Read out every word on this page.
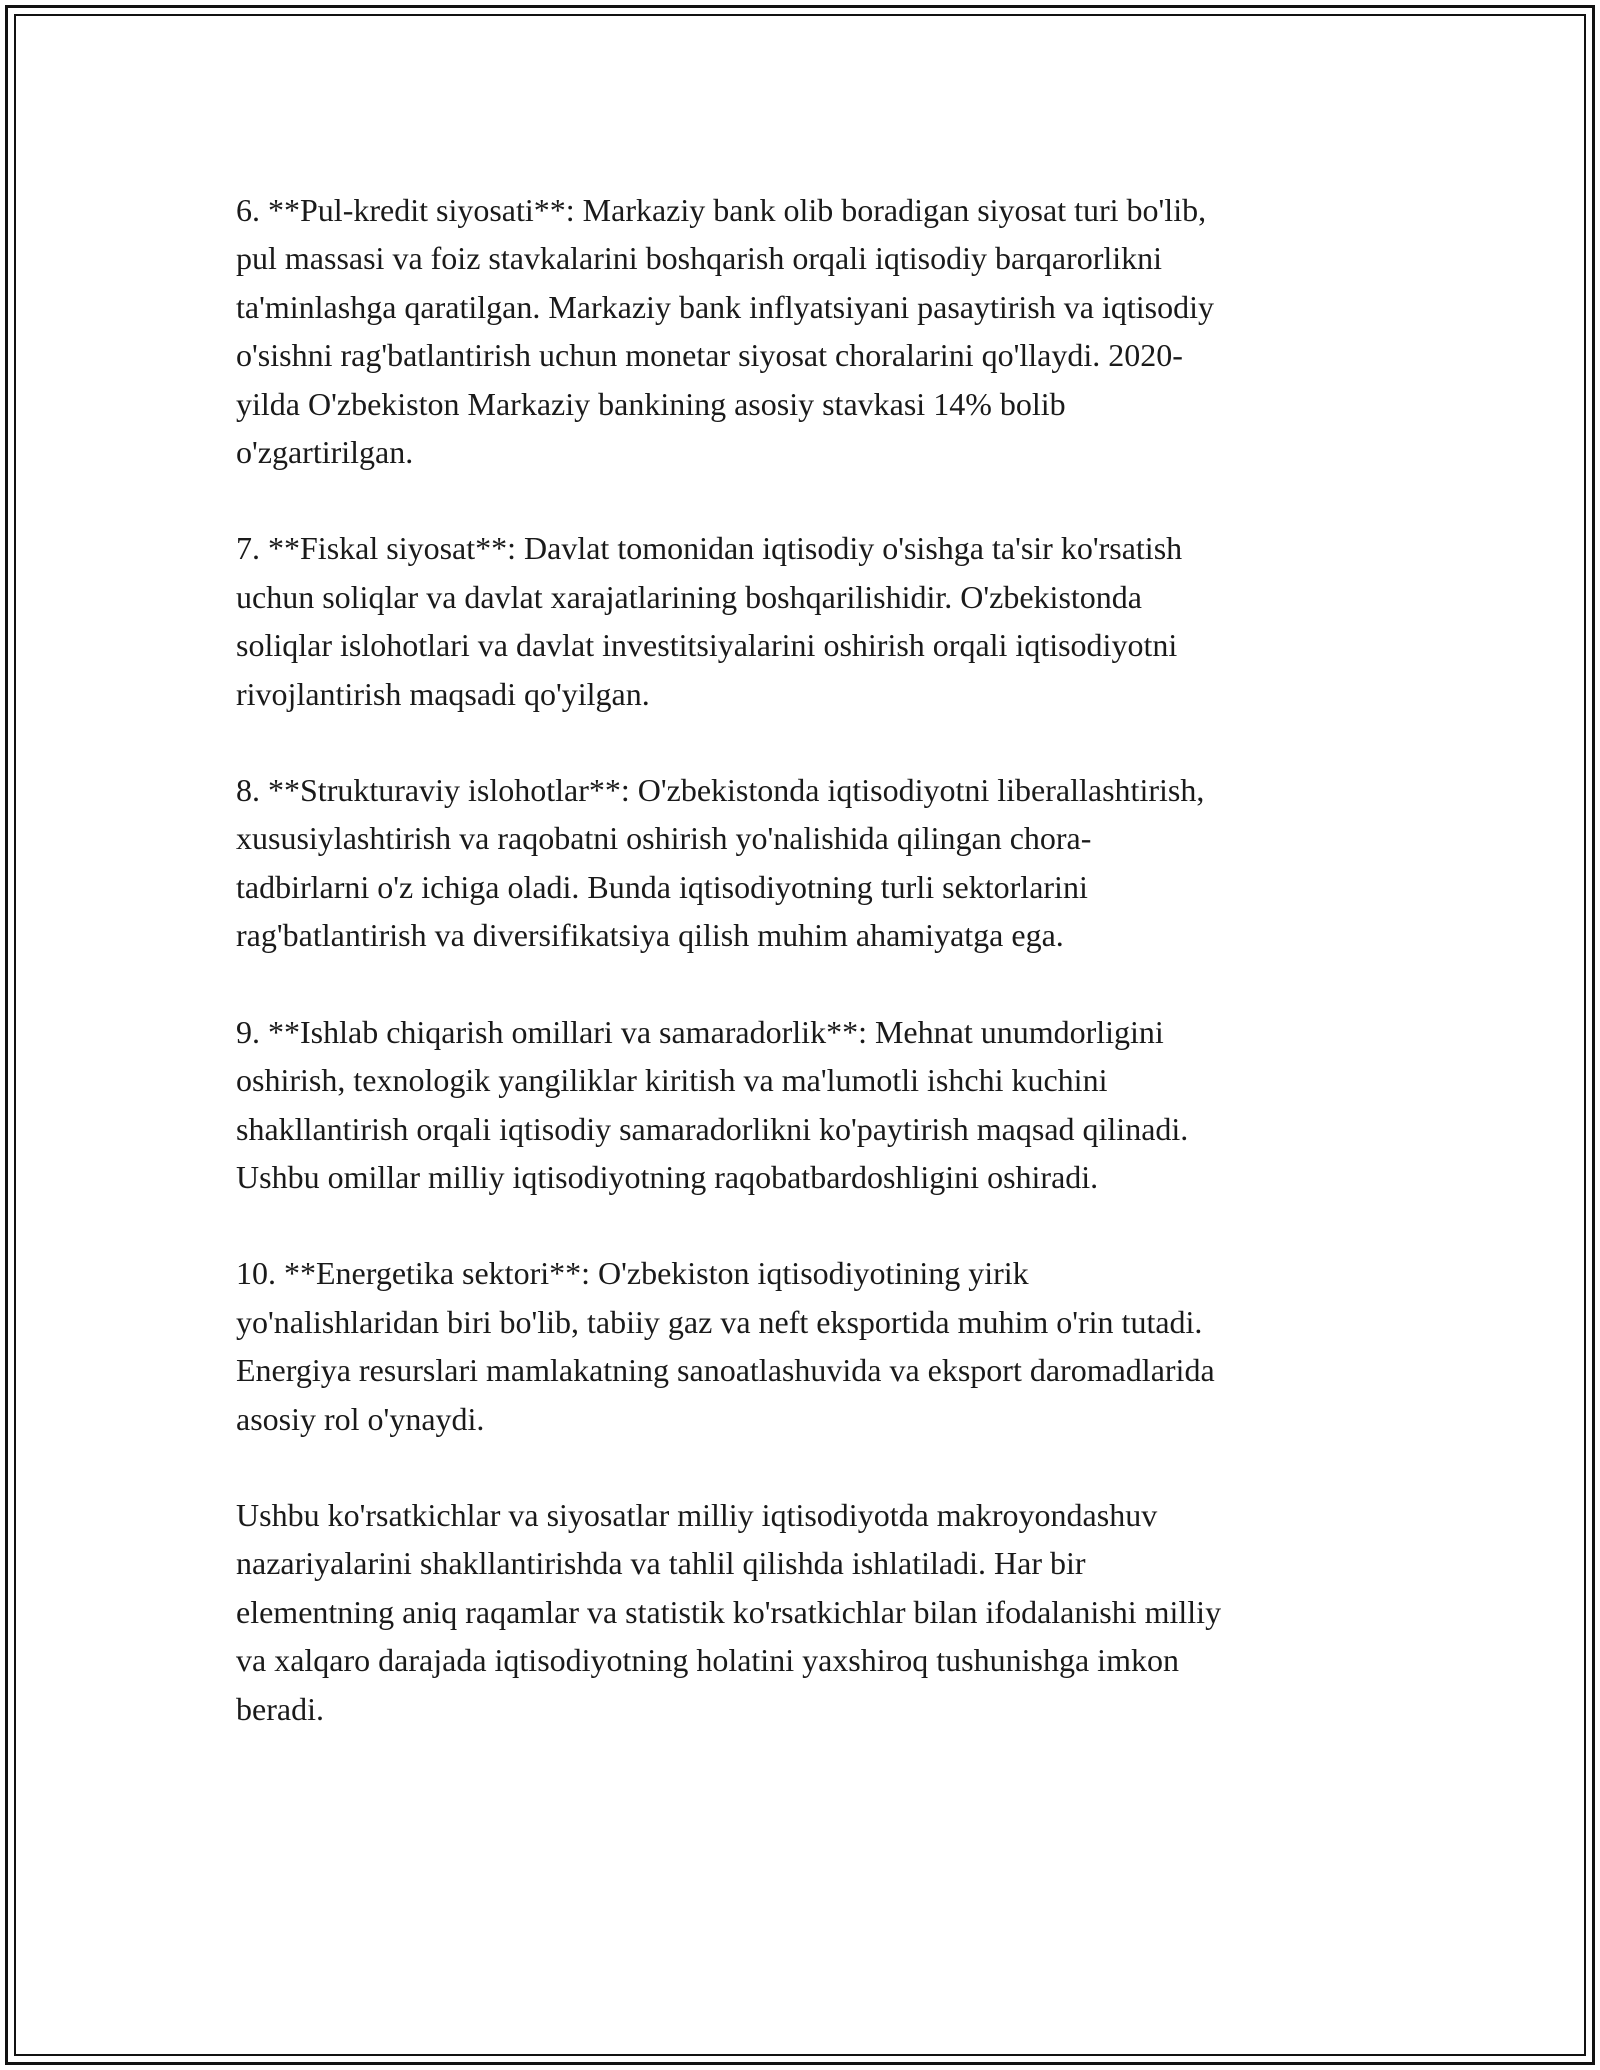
6. **Pul-kredit siyosati**: Markaziy bank olib boradigan siyosat turi bo'lib,
pul massasi va foiz stavkalarini boshqarish orqali iqtisodiy barqarorlikni
ta'minlashga qaratilgan. Markaziy bank inflyatsiyani pasaytirish va iqtisodiy
o'sishni rag'batlantirish uchun monetar siyosat choralarini qo'llaydi. 2020-
yilda O'zbekiston Markaziy bankining asosiy stavkasi 14% bolib
o'zgartirilgan.

7. **Fiskal siyosat**: Davlat tomonidan iqtisodiy o'sishga ta'sir ko'rsatish
uchun soliqlar va davlat xarajatlarining boshqarilishidir. O'zbekistonda
soliqlar islohotlari va davlat investitsiyalarini oshirish orqali iqtisodiyotni
rivojlantirish maqsadi qo'yilgan.

8. **Strukturaviy islohotlar**: O'zbekistonda iqtisodiyotni liberallashtirish,
xususiylashtirish va raqobatni oshirish yo'nalishida qilingan chora-
tadbirlarni o'z ichiga oladi. Bunda iqtisodiyotning turli sektorlarini
rag'batlantirish va diversifikatsiya qilish muhim ahamiyatga ega.

9. **Ishlab chiqarish omillari va samaradorlik**: Mehnat unumdorligini
oshirish, texnologik yangiliklar kiritish va ma'lumotli ishchi kuchini
shakllantirish orqali iqtisodiy samaradorlikni ko'paytirish maqsad qilinadi.
Ushbu omillar milliy iqtisodiyotning raqobatbardoshligini oshiradi.

10. **Energetika sektori**: O'zbekiston iqtisodiyotining yirik
yo'nalishlaridan biri bo'lib, tabiiy gaz va neft eksportida muhim o'rin tutadi.
Energiya resurslari mamlakatning sanoatlashuvida va eksport daromadlarida
asosiy rol o'ynaydi.

Ushbu ko'rsatkichlar va siyosatlar milliy iqtisodiyotda makroyondashuv
nazariyalarini shakllantirishda va tahlil qilishda ishlatiladi. Har bir
elementning aniq raqamlar va statistik ko'rsatkichlar bilan ifodalanishi milliy
va xalqaro darajada iqtisodiyotning holatini yaxshiroq tushunishga imkon
beradi.
